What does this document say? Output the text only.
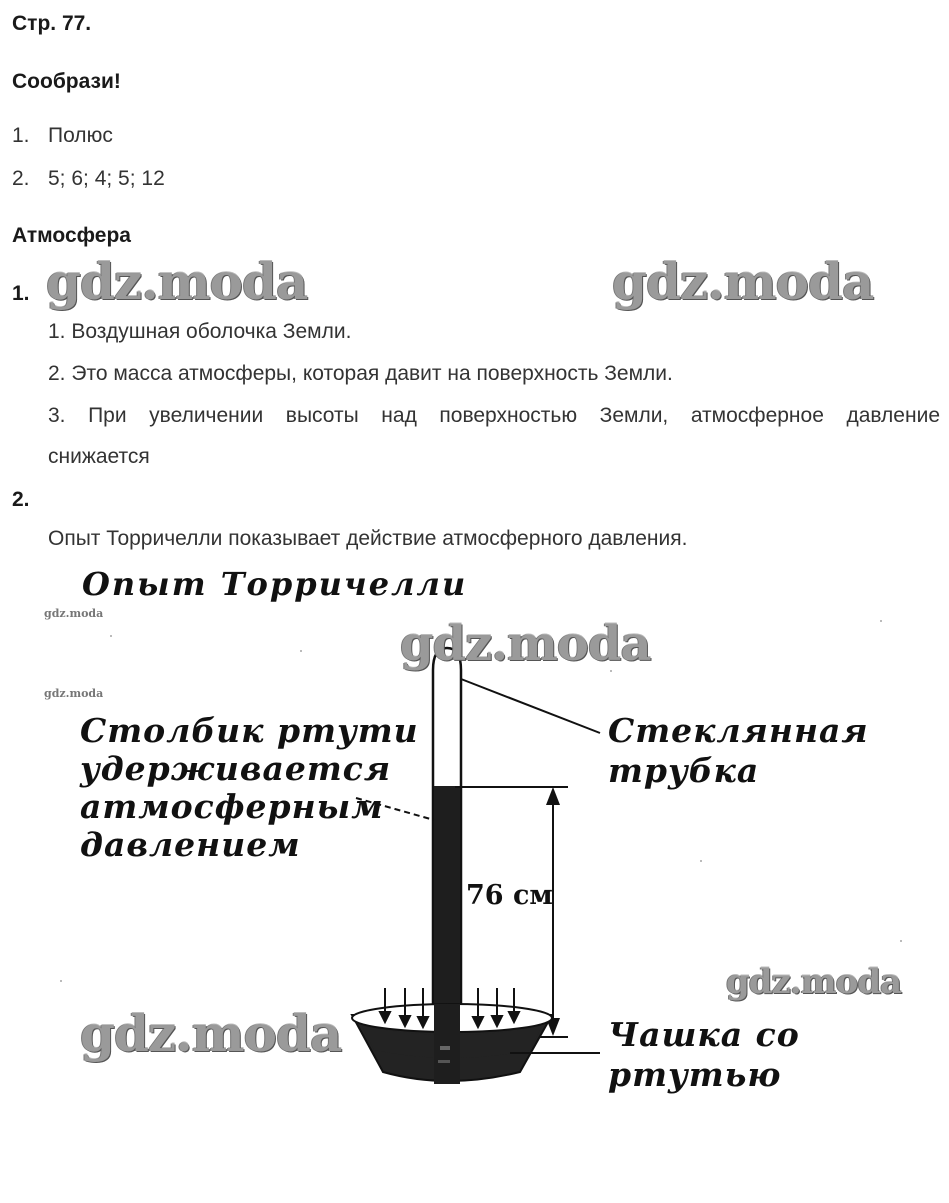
Стр. 77.
Сообрази!
1. Полюс
2. 5; 6; 4; 5; 12
Атмосфера
1. gdz.moda	gdz.moda
1. Воздушная оболочка Земли.
2. Это масса атмосферы, которая давит на поверхность Земли.
3. При увеличении высоты над поверхностью Земли, атмосферное давление
снижается
2.
Опыт Торричелли показывает действие атмосферного давления.
Опыт Торричелли
gdz.moda
gdz.moda
gdz.moda
Столбик ртути
удерживается
атмосферным
давлением
Стеклянная
трубка
76 см
gdz.moda
gdz.moda	Чашка со
ртутью
